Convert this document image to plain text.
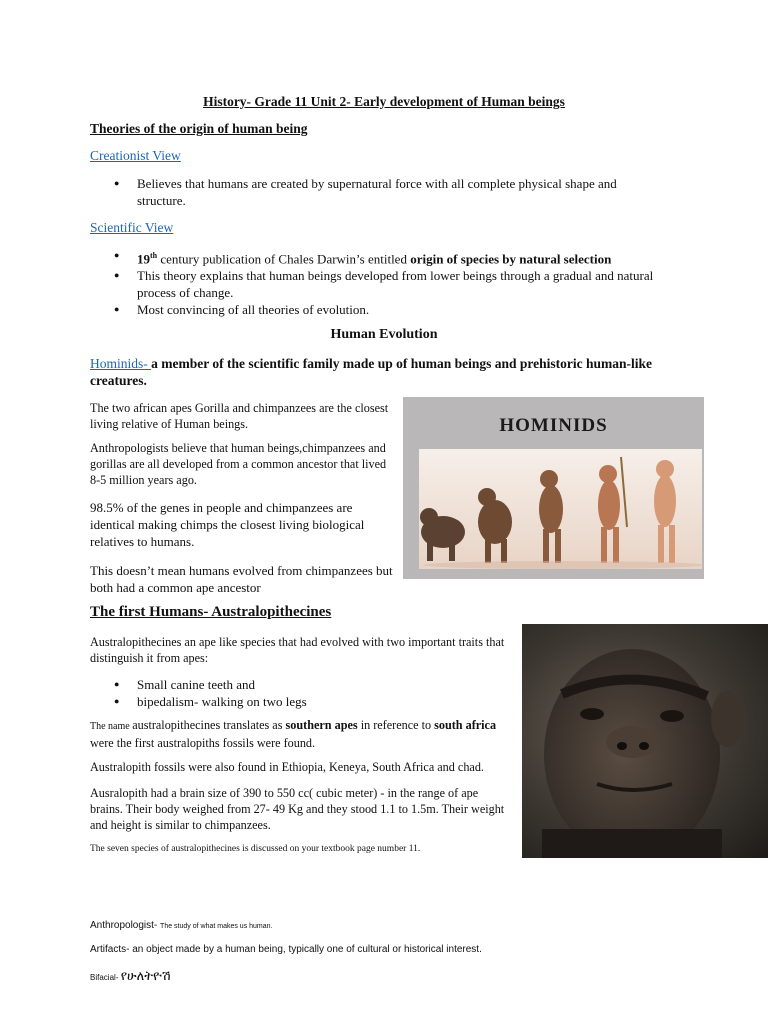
History- Grade 11 Unit 2- Early development of Human beings
Theories of the origin of human being
Creationist View
● Believes that humans are created by supernatural force with all complete physical shape and structure.
Scientific View
● 19th century publication of Chales Darwin’s entitled origin of species by natural selection
● This theory explains that human beings developed from lower beings through a gradual and natural process of change.
● Most convincing of all theories of evolution.
Human Evolution
Hominids- a member of the scientific family made up of human beings and prehistoric human-like creatures.
The two african apes Gorilla and chimpanzees are the closest living relative of Human beings.
Anthropologists believe that human beings,chimpanzees and gorillas are all developed from a common ancestor that lived 8-5 million years ago.
98.5% of the genes in people and chimpanzees are identical making chimps the closest living biological relatives to humans.
This doesn’t mean humans evolved from chimpanzees but both had a common ape ancestor
HOMINIDS
The first Humans- Australopithecines
Australopithecines an ape like species that had evolved with two important traits that distinguish it from apes:
● Small canine teeth and
● bipedalism- walking on two legs
The name australopithecines translates as southern apes in reference to south africa were the first australopiths fossils were found.
Australopith fossils were also found in Ethiopia, Keneya, South Africa and chad.
Ausralopith had a brain size of 390 to 550 cc( cubic meter) - in the range of ape brains. Their body weighed from 27- 49 Kg and they stood 1.1 to 1.5m. Their weight and height is similar to chimpanzees.
The seven species of australopithecines is discussed on your textbook page number 11.
Anthropologist- The study of what makes us human.
Artifacts- an object made by a human being, typically one of cultural or historical interest.
Bifacial- የሁለትዮሽ
